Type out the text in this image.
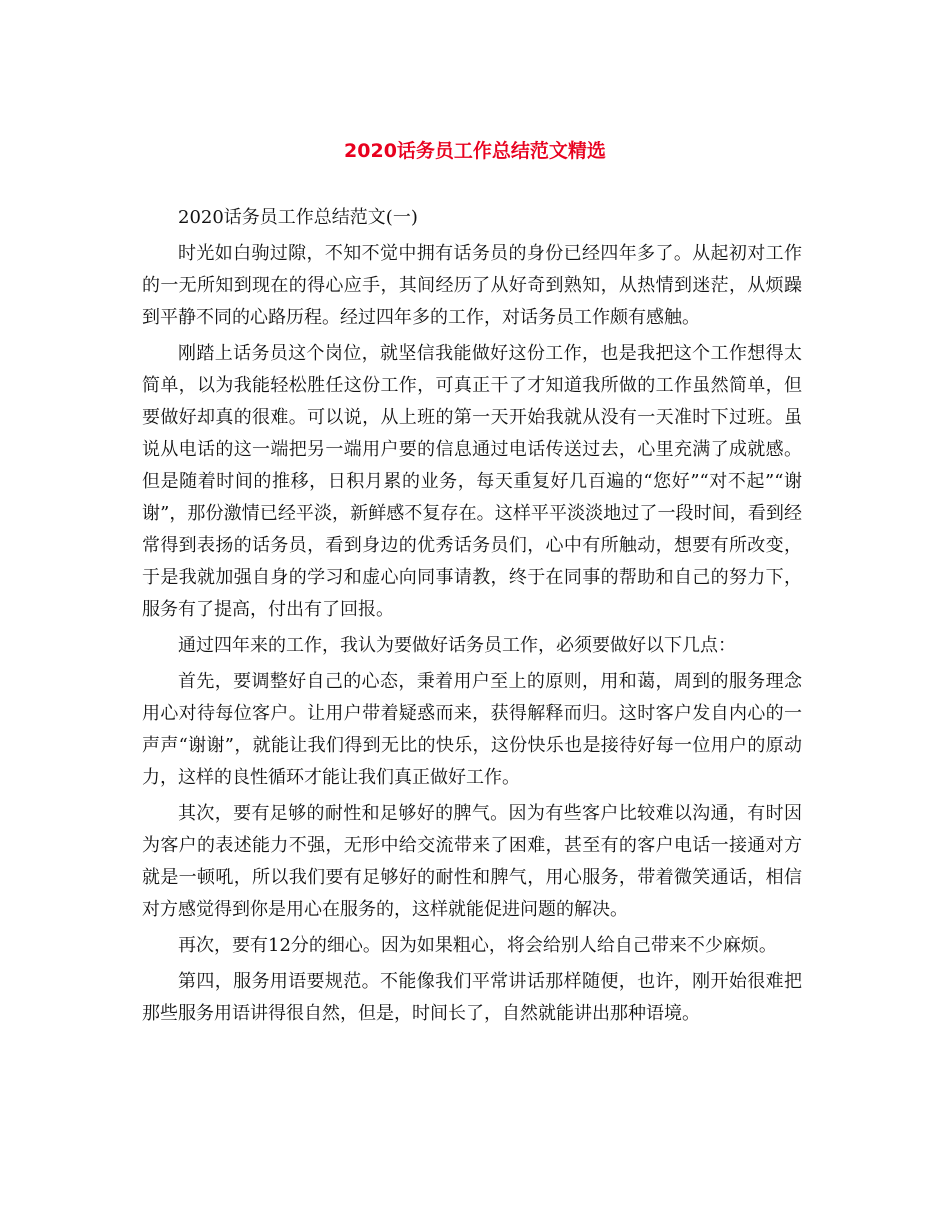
2020话务员工作总结范文精选

2020话务员工作总结范文(一)

时光如白驹过隙，不知不觉中拥有话务员的身份已经四年多了。从起初对工作的一无所知到现在的得心应手，其间经历了从好奇到熟知，从热情到迷茫，从烦躁到平静不同的心路历程。经过四年多的工作，对话务员工作颇有感触。

刚踏上话务员这个岗位，就坚信我能做好这份工作，也是我把这个工作想得太简单，以为我能轻松胜任这份工作，可真正干了才知道我所做的工作虽然简单，但要做好却真的很难。可以说，从上班的第一天开始我就从没有一天准时下过班。虽说从电话的这一端把另一端用户要的信息通过电话传送过去，心里充满了成就感。但是随着时间的推移，日积月累的业务，每天重复好几百遍的“您好”“对不起”“谢谢”，那份激情已经平淡，新鲜感不复存在。这样平平淡淡地过了一段时间，看到经常得到表扬的话务员，看到身边的优秀话务员们，心中有所触动，想要有所改变，于是我就加强自身的学习和虚心向同事请教，终于在同事的帮助和自己的努力下，服务有了提高，付出有了回报。

通过四年来的工作，我认为要做好话务员工作，必须要做好以下几点：

首先，要调整好自己的心态，秉着用户至上的原则，用和蔼，周到的服务理念用心对待每位客户。让用户带着疑惑而来，获得解释而归。这时客户发自内心的一声声“谢谢”，就能让我们得到无比的快乐，这份快乐也是接待好每一位用户的原动力，这样的良性循环才能让我们真正做好工作。

其次，要有足够的耐性和足够好的脾气。因为有些客户比较难以沟通，有时因为客户的表述能力不强，无形中给交流带来了困难，甚至有的客户电话一接通对方就是一顿吼，所以我们要有足够好的耐性和脾气，用心服务，带着微笑通话，相信对方感觉得到你是用心在服务的，这样就能促进问题的解决。

再次，要有12分的细心。因为如果粗心，将会给别人给自己带来不少麻烦。

第四，服务用语要规范。不能像我们平常讲话那样随便，也许，刚开始很难把那些服务用语讲得很自然，但是，时间长了，自然就能讲出那种语境。
